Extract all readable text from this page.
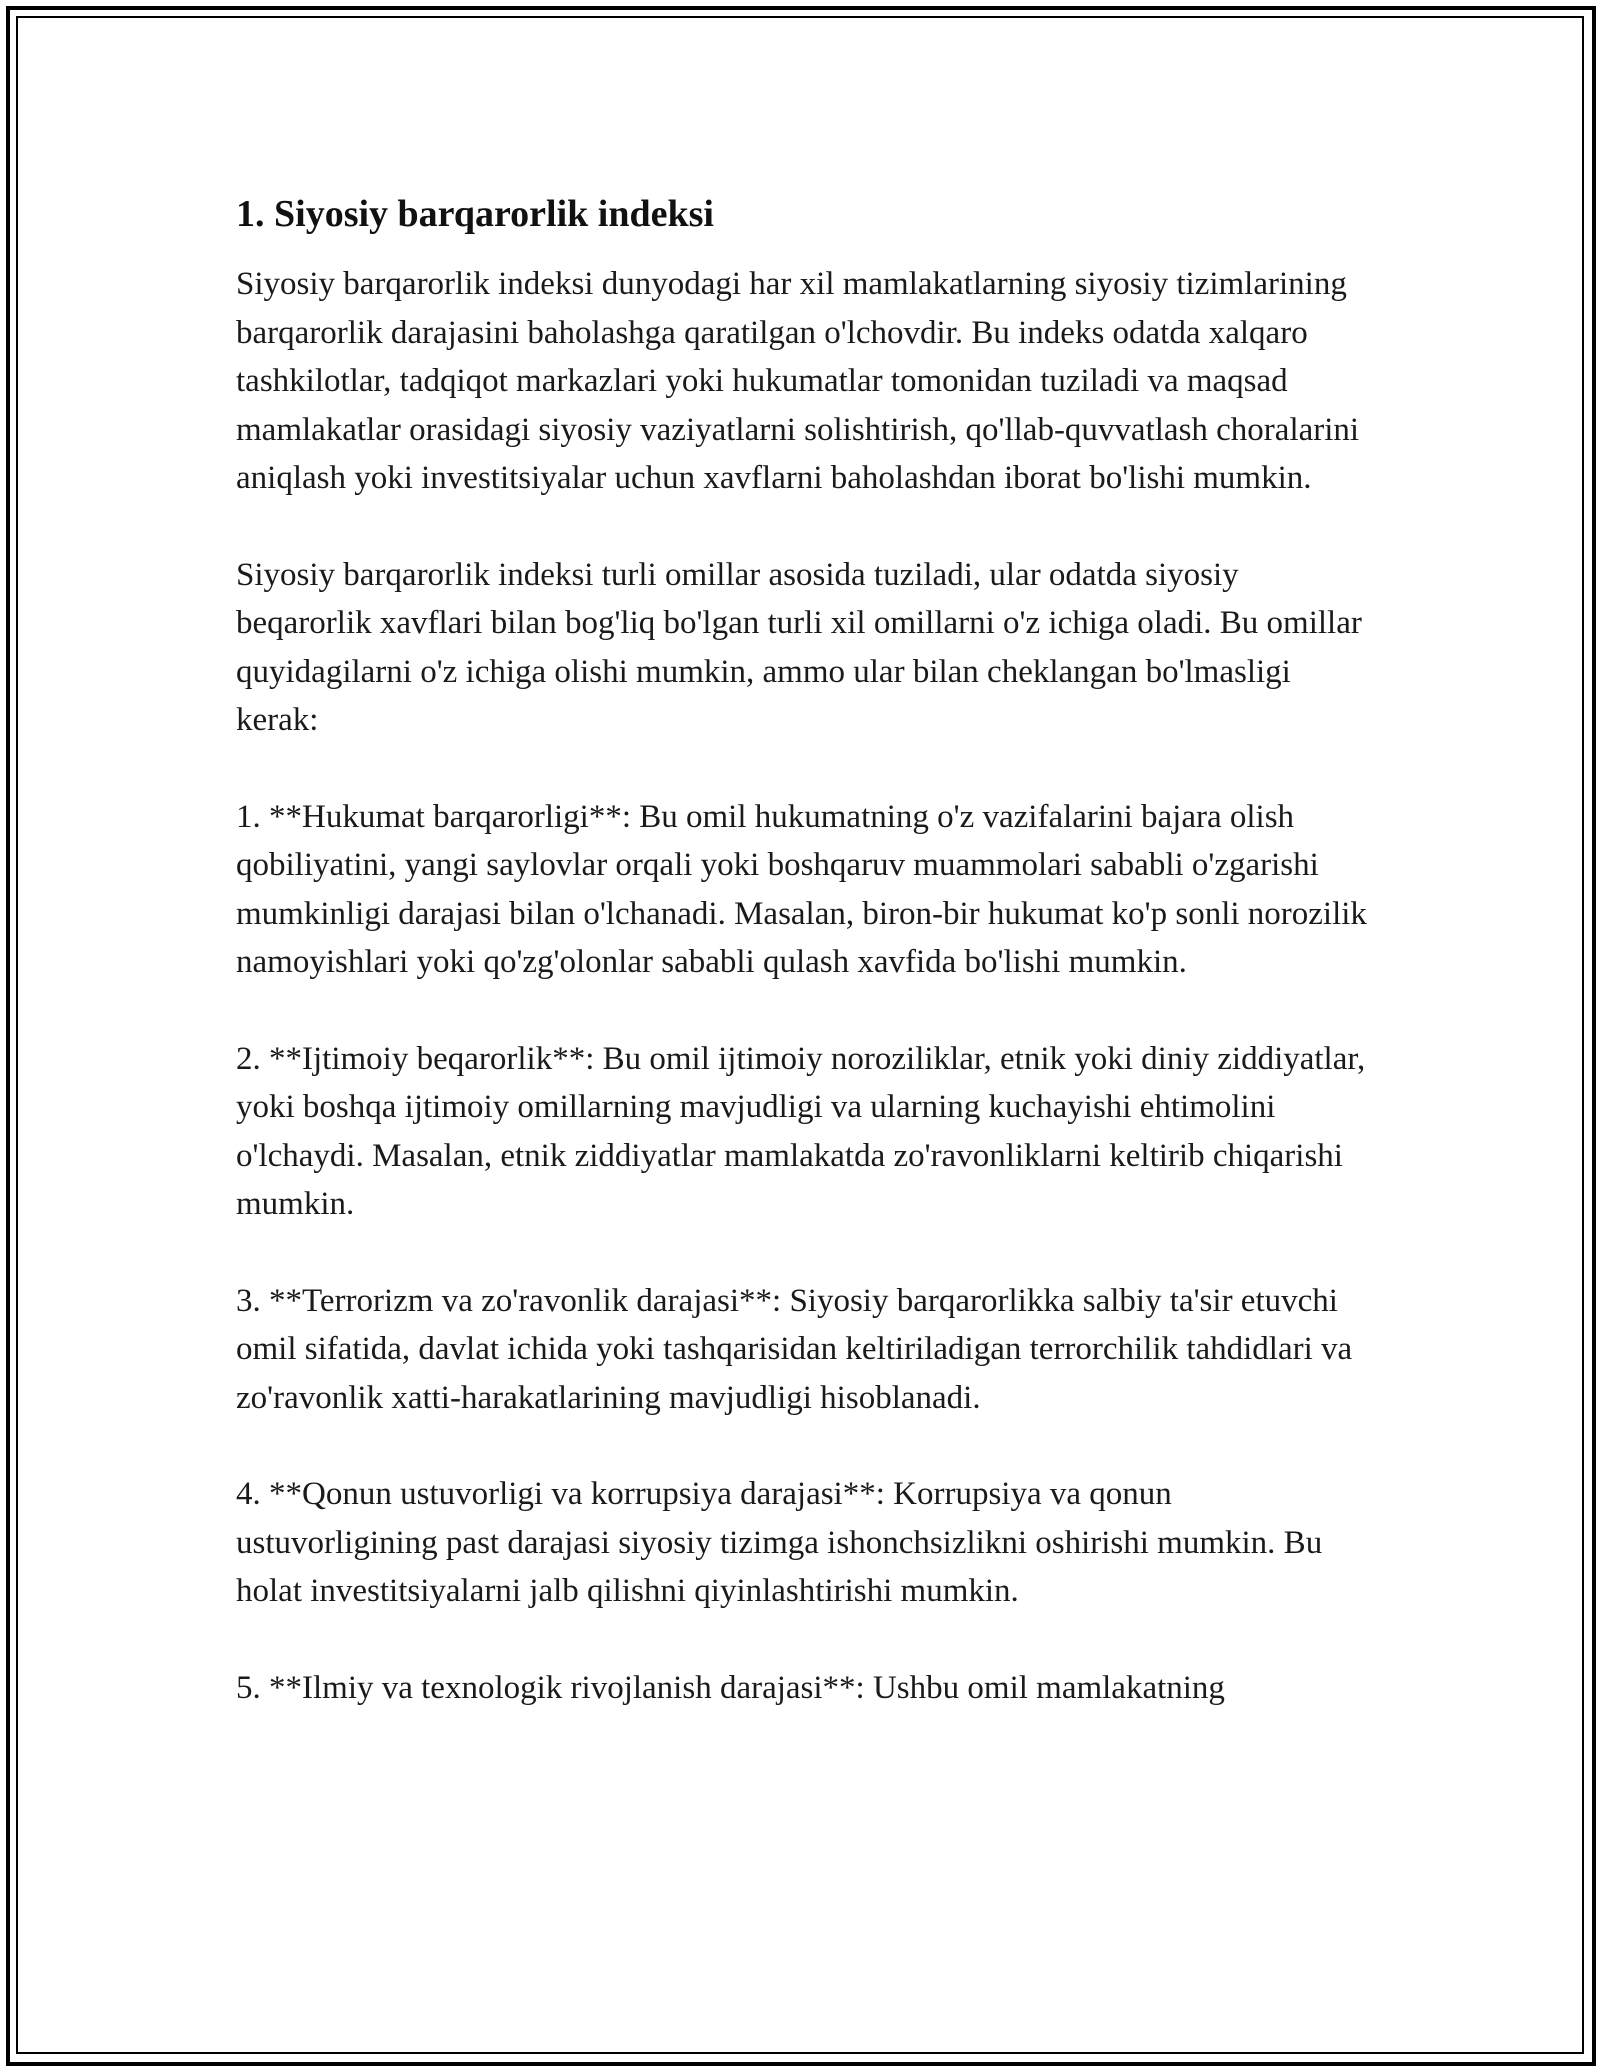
1. Siyosiy barqarorlik indeksi

Siyosiy barqarorlik indeksi dunyodagi har xil mamlakatlarning siyosiy tizimlarining barqarorlik darajasini baholashga qaratilgan o'lchovdir. Bu indeks odatda xalqaro tashkilotlar, tadqiqot markazlari yoki hukumatlar tomonidan tuziladi va maqsad mamlakatlar orasidagi siyosiy vaziyatlarni solishtirish, qo'llab-quvvatlash choralarini aniqlash yoki investitsiyalar uchun xavflarni baholashdan iborat bo'lishi mumkin.

Siyosiy barqarorlik indeksi turli omillar asosida tuziladi, ular odatda siyosiy beqarorlik xavflari bilan bog'liq bo'lgan turli xil omillarni o'z ichiga oladi. Bu omillar quyidagilarni o'z ichiga olishi mumkin, ammo ular bilan cheklangan bo'lmasligi kerak:

1. **Hukumat barqarorligi**: Bu omil hukumatning o'z vazifalarini bajara olish qobiliyatini, yangi saylovlar orqali yoki boshqaruv muammolari sababli o'zgarishi mumkinligi darajasi bilan o'lchanadi. Masalan, biron-bir hukumat ko'p sonli norozilik namoyishlari yoki qo'zg'olonlar sababli qulash xavfida bo'lishi mumkin.

2. **Ijtimoiy beqarorlik**: Bu omil ijtimoiy noroziliklar, etnik yoki diniy ziddiyatlar, yoki boshqa ijtimoiy omillarning mavjudligi va ularning kuchayishi ehtimolini o'lchaydi. Masalan, etnik ziddiyatlar mamlakatda zo'ravonliklarni keltirib chiqarishi mumkin.

3. **Terrorizm va zo'ravonlik darajasi**: Siyosiy barqarorlikka salbiy ta'sir etuvchi omil sifatida, davlat ichida yoki tashqarisidan keltiriladigan terrorchilik tahdidlari va zo'ravonlik xatti-harakatlarining mavjudligi hisoblanadi.

4. **Qonun ustuvorligi va korrupsiya darajasi**: Korrupsiya va qonun ustuvorligining past darajasi siyosiy tizimga ishonchsizlikni oshirishi mumkin. Bu holat investitsiyalarni jalb qilishni qiyinlashtirishi mumkin.

5. **Ilmiy va texnologik rivojlanish darajasi**: Ushbu omil mamlakatning
